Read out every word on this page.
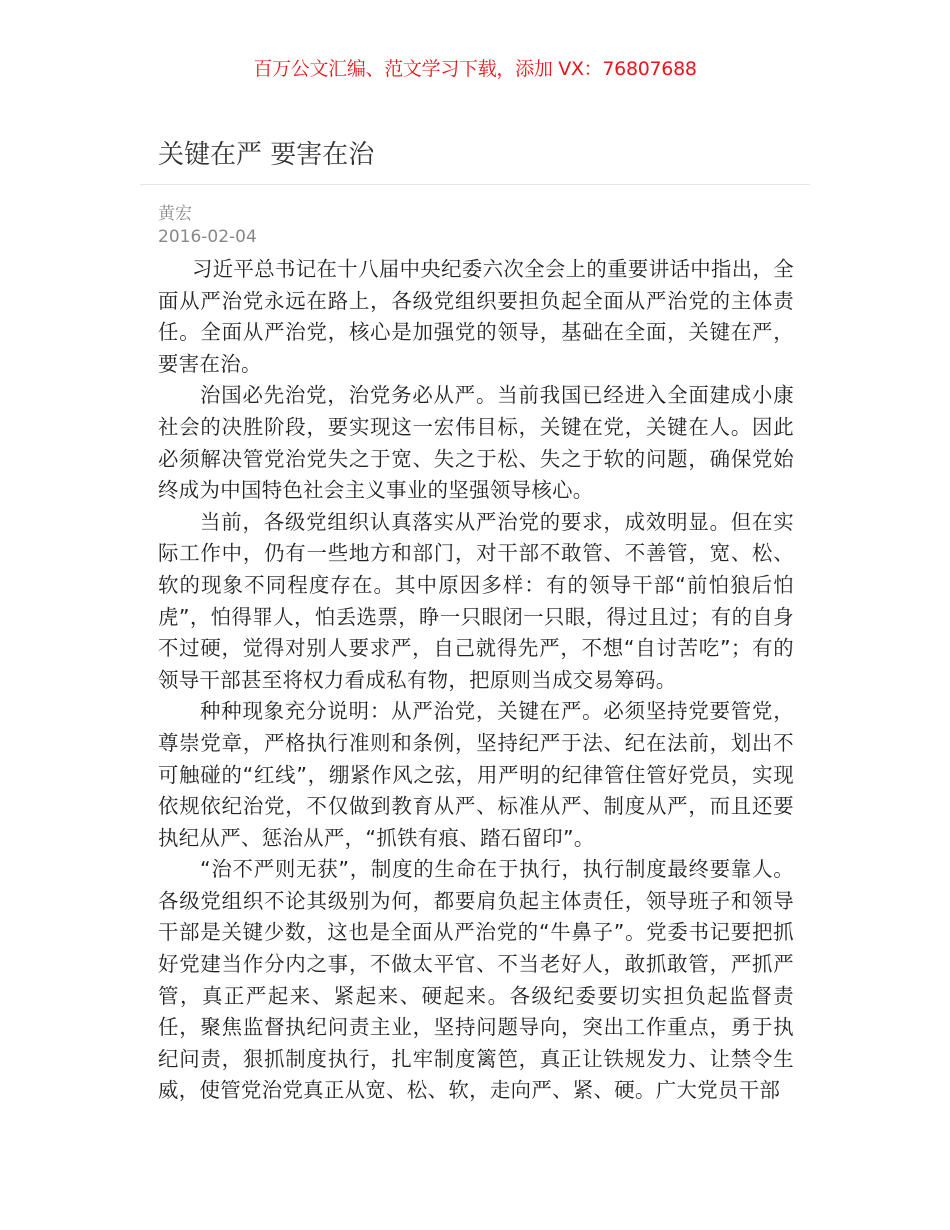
百万公文汇编、范文学习下载，添加 VX：76807688
关键在严 要害在治
黄宏
2016-02-04

习近平总书记在十八届中央纪委六次全会上的重要讲话中指出，全面从严治党永远在路上，各级党组织要担负起全面从严治党的主体责任。全面从严治党，核心是加强党的领导，基础在全面，关键在严，要害在治。

治国必先治党，治党务必从严。当前我国已经进入全面建成小康社会的决胜阶段，要实现这一宏伟目标，关键在党，关键在人。因此必须解决管党治党失之于宽、失之于松、失之于软的问题，确保党始终成为中国特色社会主义事业的坚强领导核心。

当前，各级党组织认真落实从严治党的要求，成效明显。但在实际工作中，仍有一些地方和部门，对干部不敢管、不善管，宽、松、软的现象不同程度存在。其中原因多样：有的领导干部“前怕狼后怕虎”，怕得罪人，怕丢选票，睁一只眼闭一只眼，得过且过；有的自身不过硬，觉得对别人要求严，自己就得先严，不想“自讨苦吃”；有的领导干部甚至将权力看成私有物，把原则当成交易筹码。

种种现象充分说明：从严治党，关键在严。必须坚持党要管党，尊崇党章，严格执行准则和条例，坚持纪严于法、纪在法前，划出不可触碰的“红线”，绷紧作风之弦，用严明的纪律管住管好党员，实现依规依纪治党，不仅做到教育从严、标准从严、制度从严，而且还要执纪从严、惩治从严，“抓铁有痕、踏石留印”。

“治不严则无获”，制度的生命在于执行，执行制度最终要靠人。各级党组织不论其级别为何，都要肩负起主体责任，领导班子和领导干部是关键少数，这也是全面从严治党的“牛鼻子”。党委书记要把抓好党建当作分内之事，不做太平官、不当老好人，敢抓敢管，严抓严管，真正严起来、紧起来、硬起来。各级纪委要切实担负起监督责任，聚焦监督执纪问责主业，坚持问题导向，突出工作重点，勇于执纪问责，狠抓制度执行，扎牢制度篱笆，真正让铁规发力、让禁令生威，使管党治党真正从宽、松、软，走向严、紧、硬。广大党员干部
